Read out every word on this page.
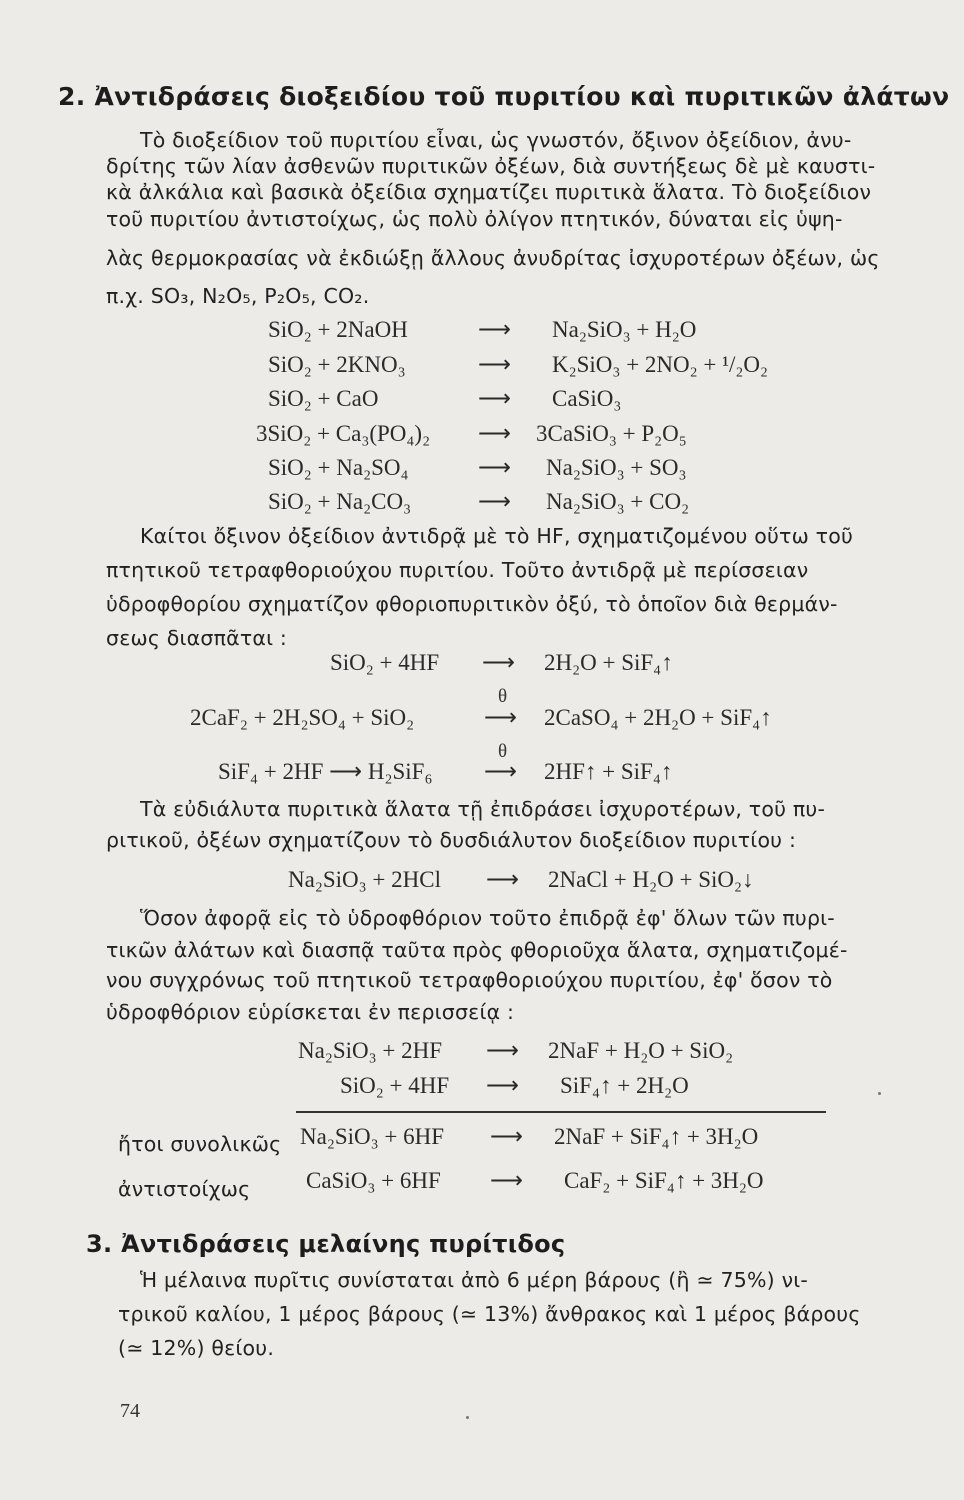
2. Ἀντιδράσεις διοξειδίου τοῦ πυριτίου καὶ πυριτικῶν ἀλάτων
Τὸ διοξείδιον τοῦ πυριτίου εἶναι, ὡς γνωστόν, ὄξινον ὀξείδιον, ἀνυ-
δρίτης τῶν λίαν ἀσθενῶν πυριτικῶν ὀξέων, διὰ συντήξεως δὲ μὲ καυστι-
κὰ ἀλκάλια καὶ βασικὰ ὀξείδια σχηματίζει πυριτικὰ ἅλατα. Τὸ διοξείδιον
τοῦ πυριτίου ἀντιστοίχως, ὡς πολὺ ὀλίγον πτητικόν, δύναται εἰς ὑψη-
λὰς θερμοκρασίας νὰ ἐκδιώξῃ ἄλλους ἀνυδρίτας ἰσχυροτέρων ὀξέων, ὡς
π.χ. SO₃, N₂O₅, P₂O₅, CO₂.
SiO₂ + 2NaOH	⟶ Na₂SiO₃ + H₂O
SiO₂ + 2KNO₃	⟶ K₂SiO₃ + 2NO₂ + ¹/₂O₂
SiO₂ + CaO	⟶ CaSiO₃
3SiO₂ + Ca₃(PO₄)₂ ⟶ 3CaSiO₃ + P₂O₅
SiO₂ + Na₂SO₄	⟶ Na₂SiO₃ + SO₃
SiO₂ + Na₂CO₃	⟶ Na₂SiO₃ + CO₂
Καίτοι ὄξινον ὀξείδιον ἀντιδρᾷ μὲ τὸ HF, σχηματιζομένου οὕτω τοῦ
πτητικοῦ τετραφθοριούχου πυριτίου. Τοῦτο ἀντιδρᾷ μὲ περίσσειαν
ὑδροφθορίου σχηματίζον φθοριοπυριτικὸν ὀξύ, τὸ ὁποῖον διὰ θερμάν-
σεως διασπᾶται :
SiO₂ + 4HF ⟶ 2H₂O + SiF₄↑
θ
2CaF₂ + 2H₂SO₄ + SiO₂	⟶ 2CaSO₄ + 2H₂O + SiF₄↑
θ
SiF₄ + 2HF ⟶ H₂SiF₆ ⟶ 2HF↑ + SiF₄↑
Τὰ εὐδιάλυτα πυριτικὰ ἅλατα τῇ ἐπιδράσει ἰσχυροτέρων, τοῦ πυ-
ριτικοῦ, ὀξέων σχηματίζουν τὸ δυσδιάλυτον διοξείδιον πυριτίου :
Na₂SiO₃ + 2HCl ⟶ 2NaCl + H₂O + SiO₂↓
Ὅσον ἀφορᾷ εἰς τὸ ὑδροφθόριον τοῦτο ἐπιδρᾷ ἐφ' ὅλων τῶν πυρι-
τικῶν ἀλάτων καὶ διασπᾷ ταῦτα πρὸς φθοριοῦχα ἅλατα, σχηματιζομέ-
νου συγχρόνως τοῦ πτητικοῦ τετραφθοριούχου πυριτίου, ἐφ' ὅσον τὸ
ὑδροφθόριον εὑρίσκεται ἐν περισσείᾳ :
Na₂SiO₃ + 2HF ⟶ 2NaF + H₂O + SiO₂
SiO₂ + 4HF ⟶ SiF₄↑ + 2H₂O
ἤτοι συνολικῶς Na₂SiO₃ + 6HF ⟶ 2NaF + SiF₄↑ + 3H₂O
ἀντιστοίχως CaSiO₃ + 6HF ⟶ CaF₂ + SiF₄↑ + 3H₂O
3. Ἀντιδράσεις μελαίνης πυρίτιδος
Ἡ μέλαινα πυρῖτις συνίσταται ἀπὸ 6 μέρη βάρους (ἢ ≃ 75%) νι-
τρικοῦ καλίου, 1 μέρος βάρους (≃ 13%) ἄνθρακος καὶ 1 μέρος βάρους
(≃ 12%) θείου.
74
